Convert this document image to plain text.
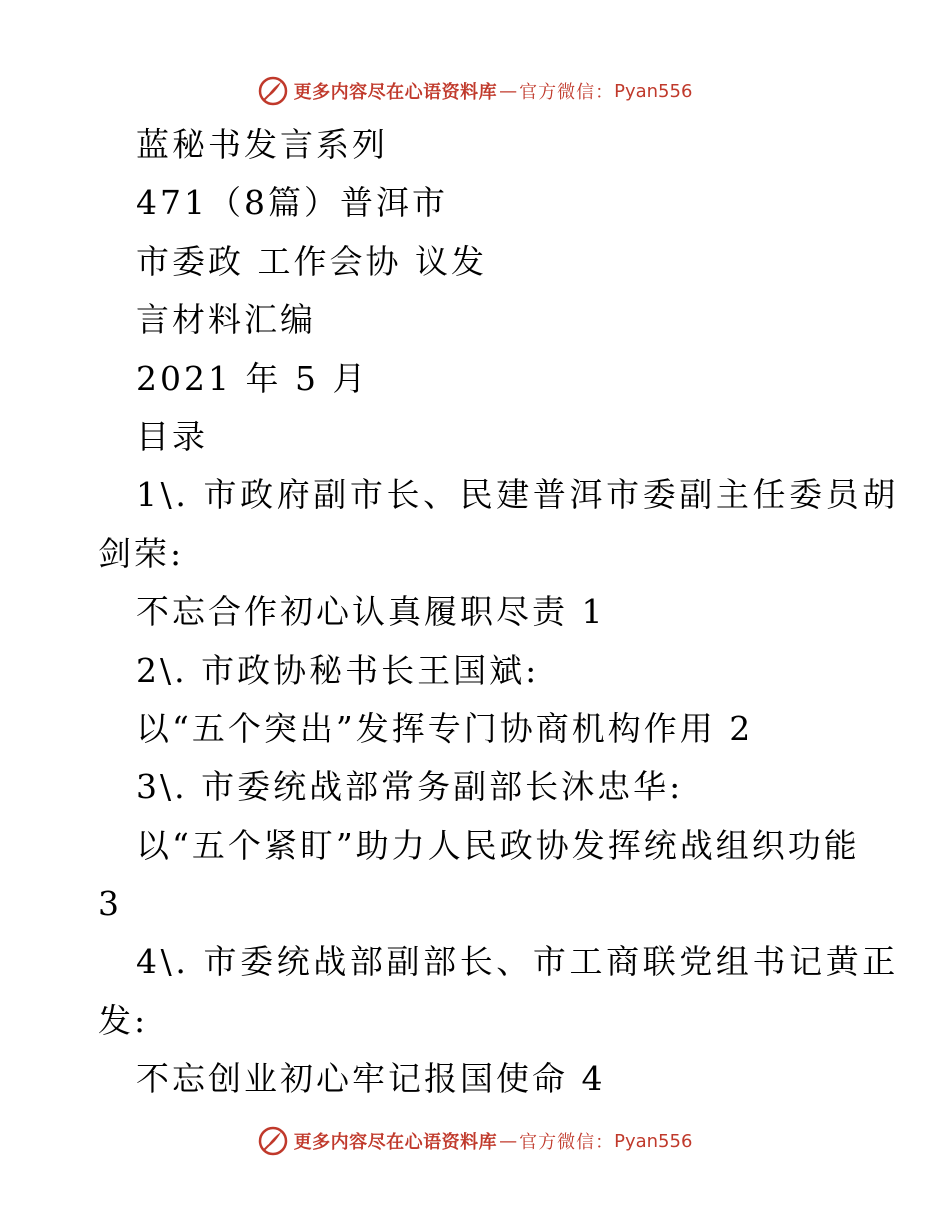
更多内容尽在心语资料库 — 官方微信： Pyan556
蓝秘书发言系列
471（8篇）普洱市
市委政 工作会协 议发
言材料汇编
2021 年 5 月
目录
1\. 市政府副市长、民建普洱市委副主任委员胡
剑荣:
不忘合作初心认真履职尽责 1
2\. 市政协秘书长王国斌:
以“五个突出”发挥专门协商机构作用 2
3\. 市委统战部常务副部长沐忠华:
以“五个紧盯”助力人民政协发挥统战组织功能
3
4\. 市委统战部副部长、市工商联党组书记黄正
发:
不忘创业初心牢记报国使命 4
更多内容尽在心语资料库 — 官方微信： Pyan556
